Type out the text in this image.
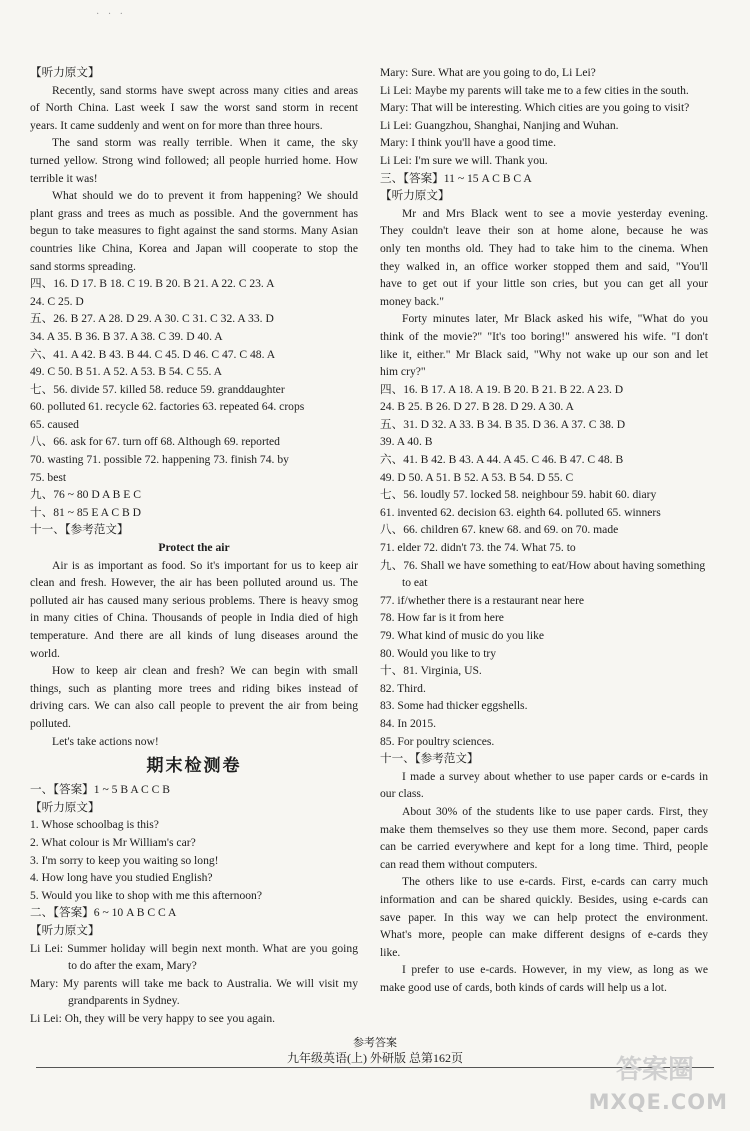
· · ·
【听力原文】
Recently, sand storms have swept across many cities and areas
of North China. Last week I saw the worst sand storm in recent
years. It came suddenly and went on for more than three hours.
The sand storm was really terrible. When it came, the sky
turned yellow. Strong wind followed; all people hurried home. How
terrible it was!
What should we do to prevent it from happening? We should
plant grass and trees as much as possible. And the government has
begun to take measures to fight against the sand storms. Many Asian
countries like China, Korea and Japan will cooperate to stop the
sand storms spreading.
四、16. D 17. B 18. C 19. B 20. B 21. A 22. C 23. A
24. C 25. D
五、26. B 27. A 28. D 29. A 30. C 31. C 32. A 33. D
34. A 35. B 36. B 37. A 38. C 39. D 40. A
六、41. A 42. B 43. B 44. C 45. D 46. C 47. C 48. A
49. C 50. B 51. A 52. A 53. B 54. C 55. A
七、56. divide 57. killed 58. reduce 59. granddaughter
60. polluted 61. recycle 62. factories 63. repeated 64. crops
65. caused
八、66. ask for 67. turn off 68. Although 69. reported
70. wasting 71. possible 72. happening 73. finish 74. by
75. best
九、76 ~ 80 D A B E C
十、81 ~ 85 E A C B D
十一、【参考范文】
Protect the air
Air is as important as food. So it's important for us to keep air
clean and fresh. However, the air has been polluted around us. The
polluted air has caused many serious problems. There is heavy smog
in many cities of China. Thousands of people in India died of high
temperature. And there are all kinds of lung diseases around the
world.
How to keep air clean and fresh? We can begin with small
things, such as planting more trees and riding bikes instead of
driving cars. We can also call people to prevent the air from being
polluted.
Let's take actions now!
期末检测卷
一、【答案】1 ~ 5 B A C C B
【听力原文】
1. Whose schoolbag is this?
2. What colour is Mr William's car?
3. I'm sorry to keep you waiting so long!
4. How long have you studied English?
5. Would you like to shop with me this afternoon?
二、【答案】6 ~ 10 A B C C A
【听力原文】
Li Lei: Summer holiday will begin next month. What are you going
to do after the exam, Mary?
Mary: My parents will take me back to Australia. We will visit my
grandparents in Sydney.
Li Lei: Oh, they will be very happy to see you again.
Mary: Sure. What are you going to do, Li Lei?
Li Lei: Maybe my parents will take me to a few cities in the south.
Mary: That will be interesting. Which cities are you going to visit?
Li Lei: Guangzhou, Shanghai, Nanjing and Wuhan.
Mary: I think you'll have a good time.
Li Lei: I'm sure we will. Thank you.
三、【答案】11 ~ 15 A C B C A
【听力原文】
Mr and Mrs Black went to see a movie yesterday evening.
They couldn't leave their son at home alone, because he was
only ten months old. They had to take him to the cinema. When
they walked in, an office worker stopped them and said, "You'll
have to get out if your little son cries, but you can get all your
money back."
Forty minutes later, Mr Black asked his wife, "What do you
think of the movie?" "It's too boring!" answered his wife. "I don't
like it, either." Mr Black said, "Why not wake up our son and let
him cry?"
四、16. B 17. A 18. A 19. B 20. B 21. B 22. A 23. D
24. B 25. B 26. D 27. B 28. D 29. A 30. A
五、31. D 32. A 33. B 34. B 35. D 36. A 37. C 38. D
39. A 40. B
六、41. B 42. B 43. A 44. A 45. C 46. B 47. C 48. B
49. D 50. A 51. B 52. A 53. B 54. D 55. C
七、56. loudly 57. locked 58. neighbour 59. habit 60. diary
61. invented 62. decision 63. eighth 64. polluted 65. winners
八、66. children 67. knew 68. and 69. on 70. made
71. elder 72. didn't 73. the 74. What 75. to
九、76. Shall we have something to eat/How about having something
to eat
77. if/whether there is a restaurant near here
78. How far is it from here
79. What kind of music do you like
80. Would you like to try
十、81. Virginia, US.
82. Third.
83. Some had thicker eggshells.
84. In 2015.
85. For poultry sciences.
十一、【参考范文】
I made a survey about whether to use paper cards or e-cards in
our class.
About 30% of the students like to use paper cards. First, they
make them themselves so they use them more. Second, paper cards
can be carried everywhere and kept for a long time. Third, people
can read them without computers.
The others like to use e-cards. First, e-cards can carry much
information and can be shared quickly. Besides, using e-cards can
save paper. In this way we can help protect the environment.
What's more, people can make different designs of e-cards they
like.
I prefer to use e-cards. However, in my view, as long as we
make good use of cards, both kinds of cards will help us a lot.
参考答案
九年级英语(上) 外研版 总第162页	答案圈
MXQE.COM
